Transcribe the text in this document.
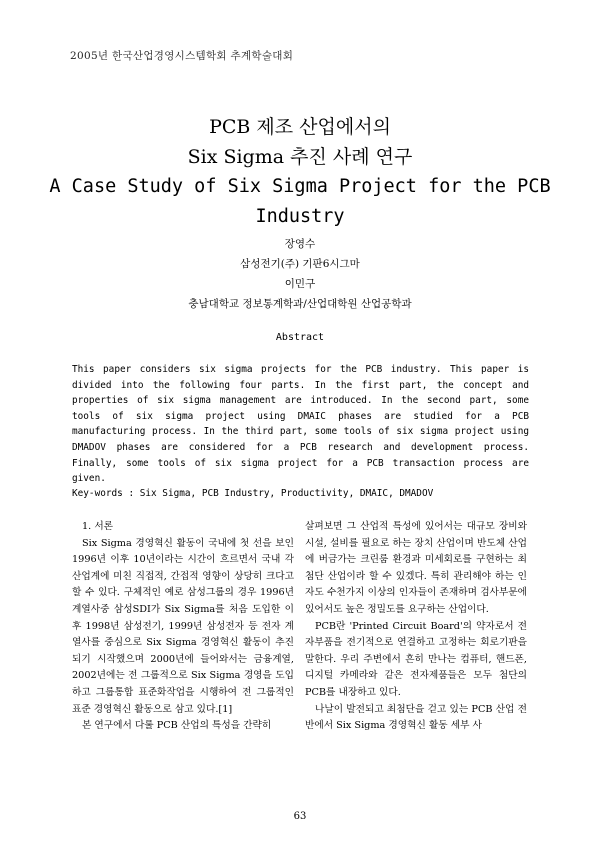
2005년 한국산업경영시스템학회 추계학술대회
PCB 제조 산업에서의
Six Sigma 추진 사례 연구
A Case Study of Six Sigma Project for the PCB
Industry
장영수
삼성전기(주) 기판6시그마
이민구
충남대학교 정보통계학과/산업대학원 산업공학과
Abstract
This paper considers six sigma projects for the PCB industry. This paper is divided into the following four parts. In the first part, the concept and properties of six sigma management are introduced. In the second part, some tools of six sigma project using DMAIC phases are studied for a PCB manufacturing process. In the third part, some tools of six sigma project using DMADOV phases are considered for a PCB research and development process. Finally, some tools of six sigma project for a PCB transaction process are given.
Key-words : Six Sigma, PCB Industry, Productivity, DMAIC, DMADOV

1. 서론

Six Sigma 경영혁신 활동이 국내에 첫 선을 보인 1996년 이후 10년이라는 시간이 흐르면서 국내 각 산업계에 미친 직접적, 간접적 영향이 상당히 크다고 할 수 있다. 구체적인 예로 삼성그룹의 경우 1996년 계열사중 삼성SDI가 Six Sigma를 처음 도입한 이후 1998년 삼성전기, 1999년 삼성전자 등 전자 계열사를 중심으로 Six Sigma 경영혁신 활동이 추진되기 시작했으며 2000년에 들어와서는 금융계열, 2002년에는 전 그룹적으로 Six Sigma 경영을 도입하고 그룹통합 표준화작업을 시행하여 전 그룹적인 표준 경영혁신 활동으로 삼고 있다.[1]

본 연구에서 다룰 PCB 산업의 특성을 간략히

살펴보면 그 산업적 특성에 있어서는 대규모 장비와 시설, 설비를 필요로 하는 장치 산업이며 반도체 산업에 버금가는 크린룸 환경과 미세회로를 구현하는 최첨단 산업이라 할 수 있겠다. 특히 관리해야 하는 인자도 수천가지 이상의 인자들이 존재하며 검사부문에 있어서도 높은 정밀도를 요구하는 산업이다.

PCB란 'Printed Circuit Board'의 약자로서 전자부품을 전기적으로 연결하고 고정하는 회로기판을 말한다. 우리 주변에서 흔히 만나는 컴퓨터, 핸드폰, 디지털 카메라와 같은 전자제품들은 모두 첨단의 PCB를 내장하고 있다.

나날이 발전되고 최첨단을 걷고 있는 PCB 산업 전반에서 Six Sigma 경영혁신 활동 세부 사

63
